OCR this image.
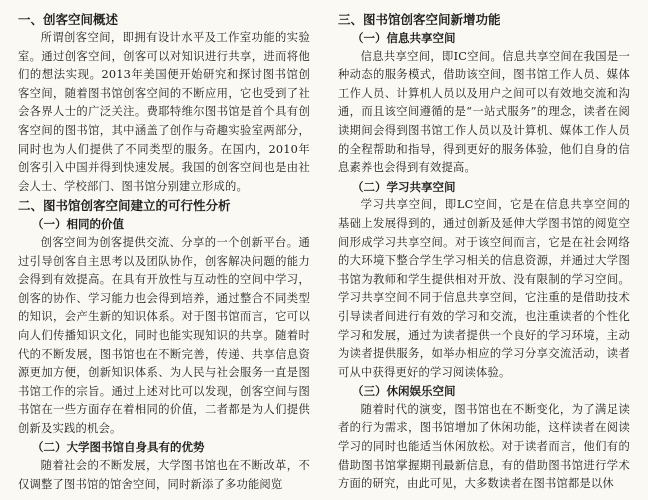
一、创客空间概述

所谓创客空间，即拥有设计水平及工作室功能的实验室。通过创客空间，创客可以对知识进行共享，进而将他们的想法实现。2013年美国便开始研究和探讨图书馆创客空间，随着图书馆创客空间的不断应用，它也受到了社会各界人士的广泛关注。费耶特维尔图书馆是首个具有创客空间的图书馆，其中涵盖了创作与奇趣实验室两部分，同时也为人们提供了不同类型的服务。在国内，2010年创客引入中国并得到快速发展。我国的创客空间也是由社会人士、学校部门、图书馆分别建立形成的。

二、图书馆创客空间建立的可行性分析
（一）相同的价值

创客空间为创客提供交流、分享的一个创新平台。通过引导创客自主思考以及团队协作，创客解决问题的能力会得到有效提高。在具有开放性与互动性的空间中学习，创客的协作、学习能力也会得到培养，通过整合不同类型的知识，会产生新的知识体系。对于图书馆而言，它可以向人们传播知识文化，同时也能实现知识的共享。随着时代的不断发展，图书馆也在不断完善，传递、共享信息资源更加方便，创新知识体系、为人民与社会服务一直是图书馆工作的宗旨。通过上述对比可以发现，创客空间与图书馆在一些方面存在着相同的价值，二者都是为人们提供创新及实践的机会。

（二）大学图书馆自身具有的优势

随着社会的不断发展，大学图书馆也在不断改革，不仅调整了图书馆的馆舍空间，同时新添了多功能阅览

三、图书馆创客空间新增功能
（一）信息共享空间

信息共享空间，即IC空间。信息共享空间在我国是一种动态的服务模式，借助该空间，图书馆工作人员、媒体工作人员、计算机人员以及用户之间可以有效地交流和沟通，而且该空间遵循的是“一站式服务”的理念，读者在阅读期间会得到图书馆工作人员以及计算机、媒体工作人员的全程帮助和指导，得到更好的服务体验，他们自身的信息素养也会得到有效提高。

（二）学习共享空间

学习共享空间，即LC空间，它是在信息共享空间的基础上发展得到的，通过创新及延伸大学图书馆的阅览空间形成学习共享空间。对于该空间而言，它是在社会网络的大环境下整合学生学习相关的信息资源，并通过大学图书馆为教师和学生提供相对开放、没有限制的学习空间。学习共享空间不同于信息共享空间，它注重的是借助技术引导读者间进行有效的学习和交流，也注重读者的个性化学习和发展，通过为读者提供一个良好的学习环境，主动为读者提供服务，如举办相应的学习分享交流活动，读者可从中获得更好的学习阅读体验。

（三）休闲娱乐空间

随着时代的演变，图书馆也在不断变化，为了满足读者的行为需求，图书馆增加了休闲功能，这样读者在阅读学习的同时也能适当休闲放松。对于读者而言，他们有的借助图书馆掌握期刊最新信息，有的借助图书馆进行学术方面的研究，由此可见，大多数读者在图书馆都是以休
